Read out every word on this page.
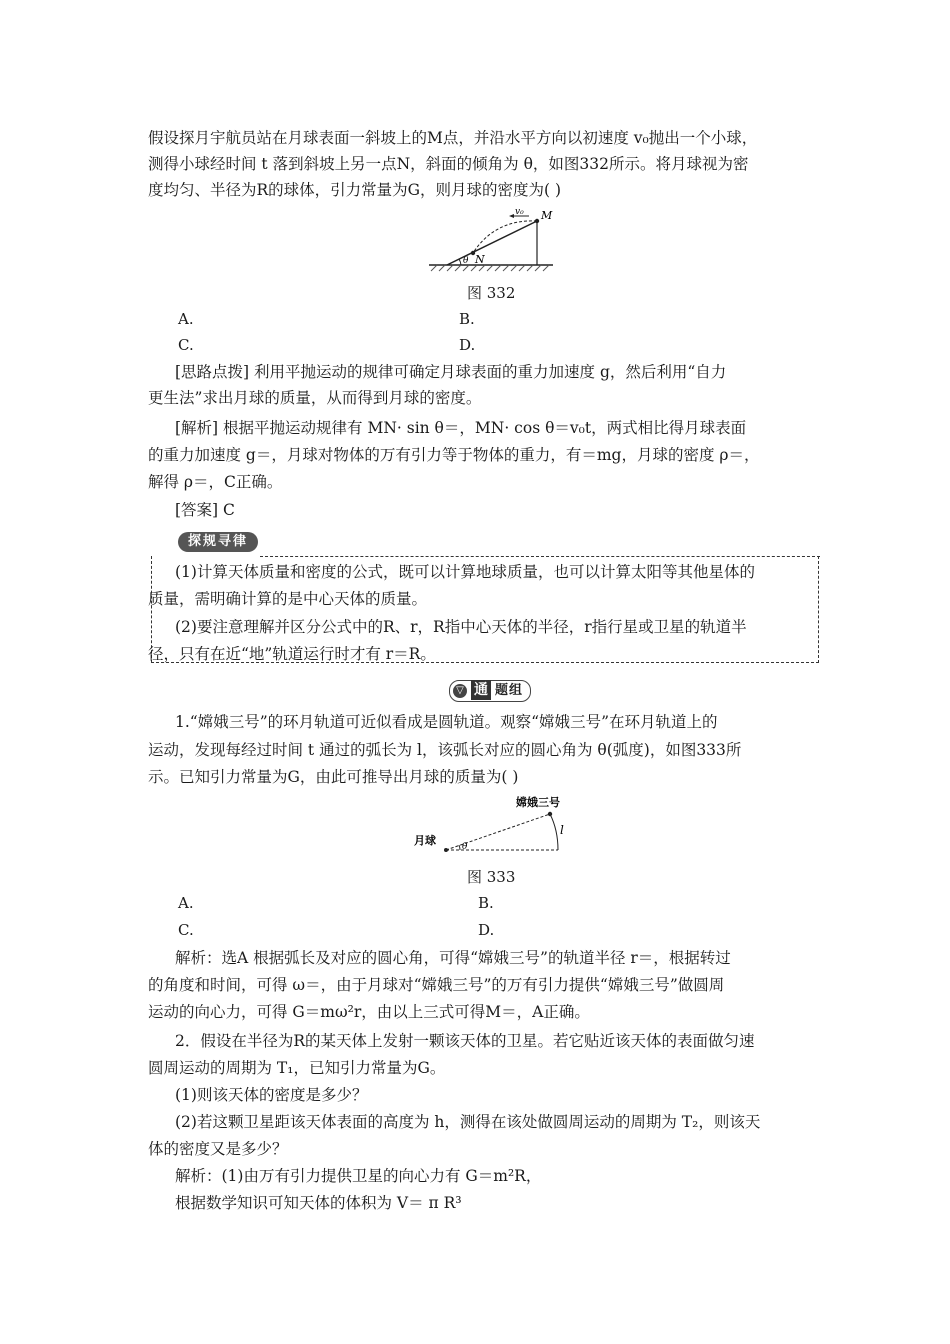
假设探月宇航员站在月球表面一斜坡上的M点，并沿水平方向以初速度 v₀抛出一个小球，
测得小球经时间 t 落到斜坡上另一点N，斜面的倾角为 θ，如图332所示。将月球视为密
度均匀、半径为R的球体，引力常量为G，则月球的密度为( )
v₀ M
N
θ
图 332
A.	B.
C.	D.
[思路点拨] 利用平抛运动的规律可确定月球表面的重力加速度 g，然后利用“自力
更生法”求出月球的质量，从而得到月球的密度。
[解析] 根据平抛运动规律有 MN· sin θ＝，MN· cos θ＝v₀t，两式相比得月球表面
的重力加速度 g＝，月球对物体的万有引力等于物体的重力，有＝mg，月球的密度 ρ＝，
解得 ρ＝，C正确。
[答案] C
探规寻律
(1)计算天体质量和密度的公式，既可以计算地球质量，也可以计算太阳等其他星体的
质量，需明确计算的是中心天体的质量。
(2)要注意理解并区分公式中的R、r，R指中心天体的半径，r指行星或卫星的轨道半
径，只有在近“地”轨道运行时才有 r＝R。
▽ 通 题组
1.“嫦娥三号”的环月轨道可近似看成是圆轨道。观察“嫦娥三号”在环月轨道上的
运动，发现每经过时间 t 通过的弧长为 l，该弧长对应的圆心角为 θ(弧度)，如图333所
示。已知引力常量为G，由此可推导出月球的质量为( )
θ
月球
嫦娥三号
l
图 333
A.	B.
C.	D.
解析：选A 根据弧长及对应的圆心角，可得“嫦娥三号”的轨道半径 r＝，根据转过
的角度和时间，可得 ω＝，由于月球对“嫦娥三号”的万有引力提供“嫦娥三号”做圆周
运动的向心力，可得 G＝mω²r，由以上三式可得M＝，A正确。
2．假设在半径为R的某天体上发射一颗该天体的卫星。若它贴近该天体的表面做匀速
圆周运动的周期为 T₁，已知引力常量为G。
(1)则该天体的密度是多少？
(2)若这颗卫星距该天体表面的高度为 h，测得在该处做圆周运动的周期为 T₂，则该天
体的密度又是多少？
解析：(1)由万有引力提供卫星的向心力有 G＝m²R，
根据数学知识可知天体的体积为 V＝ π R³
